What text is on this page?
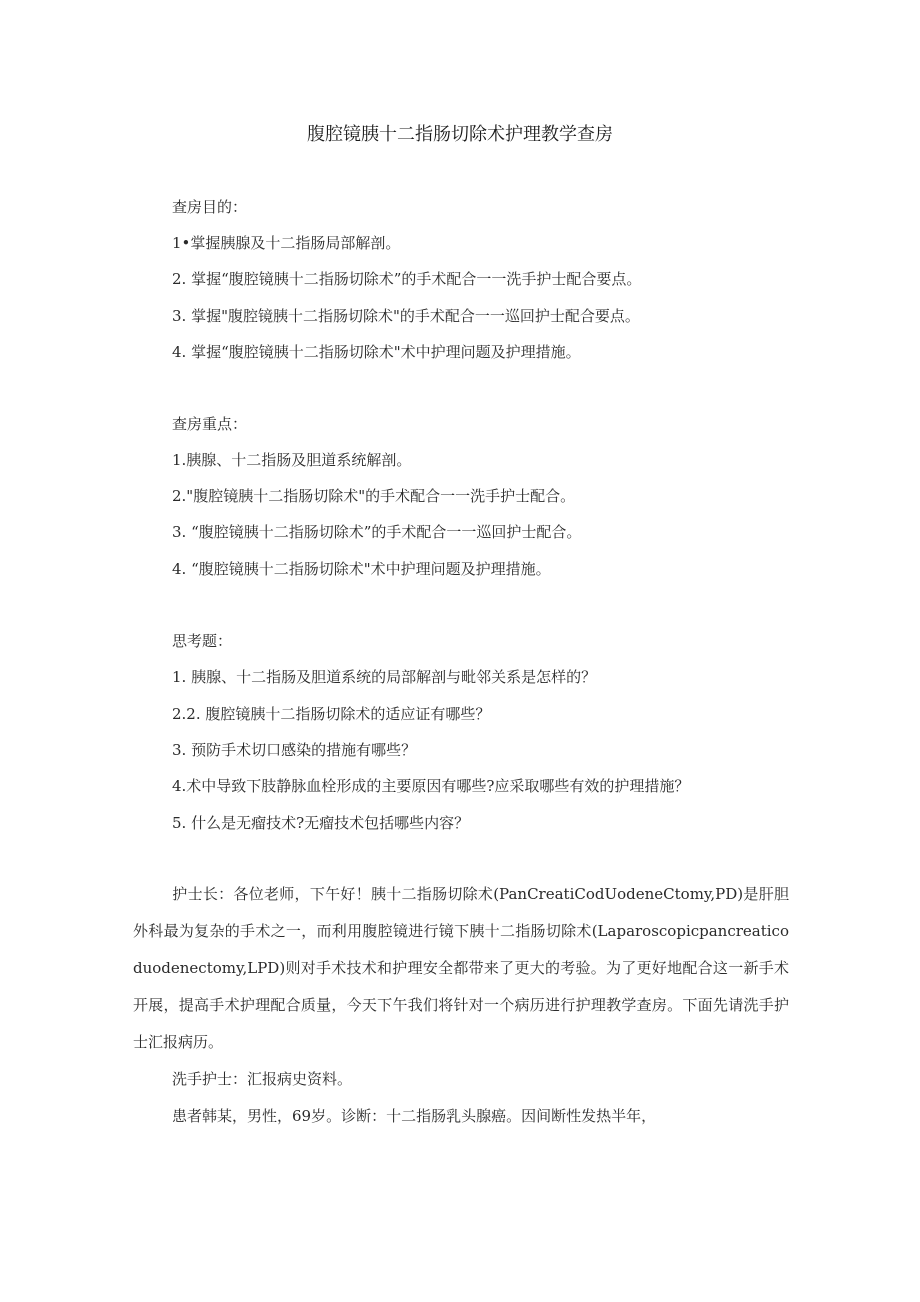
腹腔镜胰十二指肠切除术护理教学查房
查房目的：
1•掌握胰腺及十二指肠局部解剖。
2. 掌握“腹腔镜胰十二指肠切除术”的手术配合一一洗手护士配合要点。
3. 掌握"腹腔镜胰十二指肠切除术"的手术配合一一巡回护士配合要点。
4. 掌握“腹腔镜胰十二指肠切除术"术中护理问题及护理措施。
查房重点：
1.胰腺、十二指肠及胆道系统解剖。
2."腹腔镜胰十二指肠切除术"的手术配合一一洗手护士配合。
3. “腹腔镜胰十二指肠切除术”的手术配合一一巡回护士配合。
4. “腹腔镜胰十二指肠切除术"术中护理问题及护理措施。
思考题：
1. 胰腺、十二指肠及胆道系统的局部解剖与毗邻关系是怎样的？
2.2. 腹腔镜胰十二指肠切除术的适应证有哪些？
3. 预防手术切口感染的措施有哪些？
4.术中导致下肢静脉血栓形成的主要原因有哪些?应采取哪些有效的护理措施？
5. 什么是无瘤技术?无瘤技术包括哪些内容？

护士长：各位老师，下午好！胰十二指肠切除术(PanCreatiCodUodeneCtomy,PD)是肝胆外科最为复杂的手术之一，而利用腹腔镜进行镜下胰十二指肠切除术(Laparoscopicpancreaticoduodenectomy,LPD)则对手术技术和护理安全都带来了更大的考验。为了更好地配合这一新手术开展，提高手术护理配合质量，今天下午我们将针对一个病历进行护理教学查房。下面先请洗手护士汇报病历。

洗手护士：汇报病史资料。

患者韩某，男性，69岁。诊断：十二指肠乳头腺癌。因间断性发热半年，
